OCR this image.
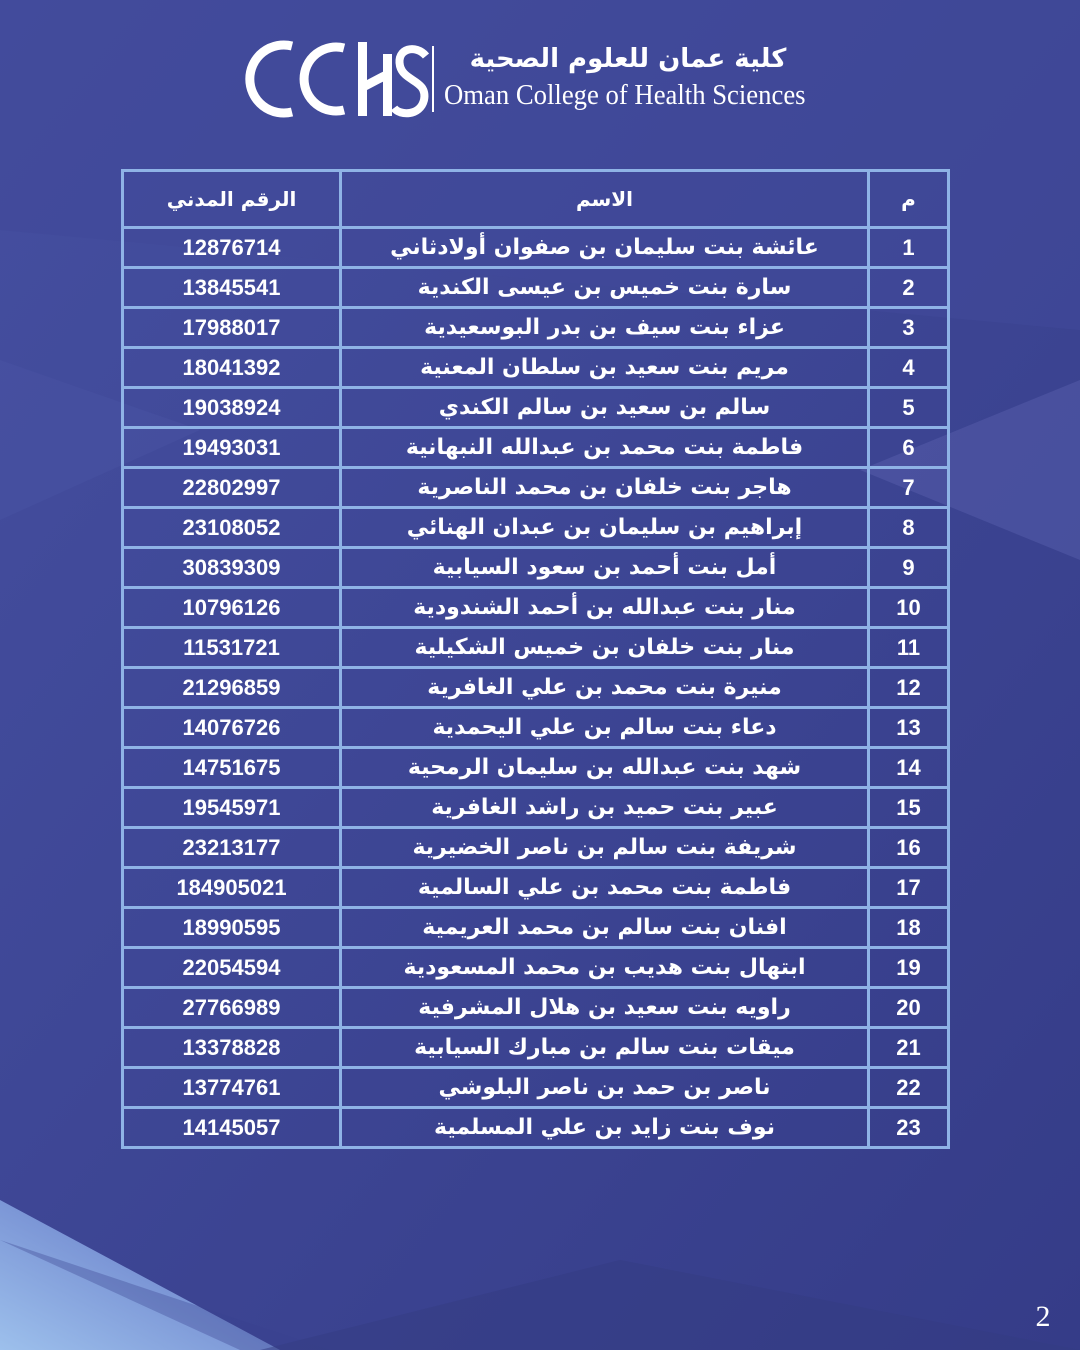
كلية عمان للعلوم الصحية
Oman College of Health Sciences
م	الاسم	الرقم المدني
1	عائشة بنت سليمان بن صفوان أولادثاني	12876714
2	سارة بنت خميس بن عيسى الكندية	13845541
3	عزاء بنت سيف بن بدر البوسعيدية	17988017
4	مريم بنت سعيد بن سلطان المعنية	18041392
5	سالم بن سعيد بن سالم الكندي	19038924
6	فاطمة بنت محمد بن عبدالله النبهانية	19493031
7	هاجر بنت خلفان بن محمد الناصرية	22802997
8	إبراهيم بن سليمان بن عبدان الهنائي	23108052
9	أمل بنت أحمد بن سعود السيابية	30839309
10	منار بنت عبدالله بن أحمد الشندودية	10796126
11	منار بنت خلفان بن خميس الشكيلية	11531721
12	منيرة بنت محمد بن علي الغافرية	21296859
13	دعاء بنت سالم بن علي اليحمدية	14076726
14	شهد بنت عبدالله بن سليمان الرمحية	14751675
15	عبير بنت حميد بن راشد الغافرية	19545971
16	شريفة بنت سالم بن ناصر الخضيرية	23213177
17	فاطمة بنت محمد بن علي السالمية	184905021
18	افنان بنت سالم بن محمد العريمية	18990595
19	ابتهال بنت هديب بن محمد المسعودية	22054594
20	راويه بنت سعيد بن هلال المشرفية	27766989
21	ميقات بنت سالم بن مبارك السيابية	13378828
22	ناصر بن حمد بن ناصر البلوشي	13774761
23	نوف بنت زايد بن علي المسلمية	14145057
2
